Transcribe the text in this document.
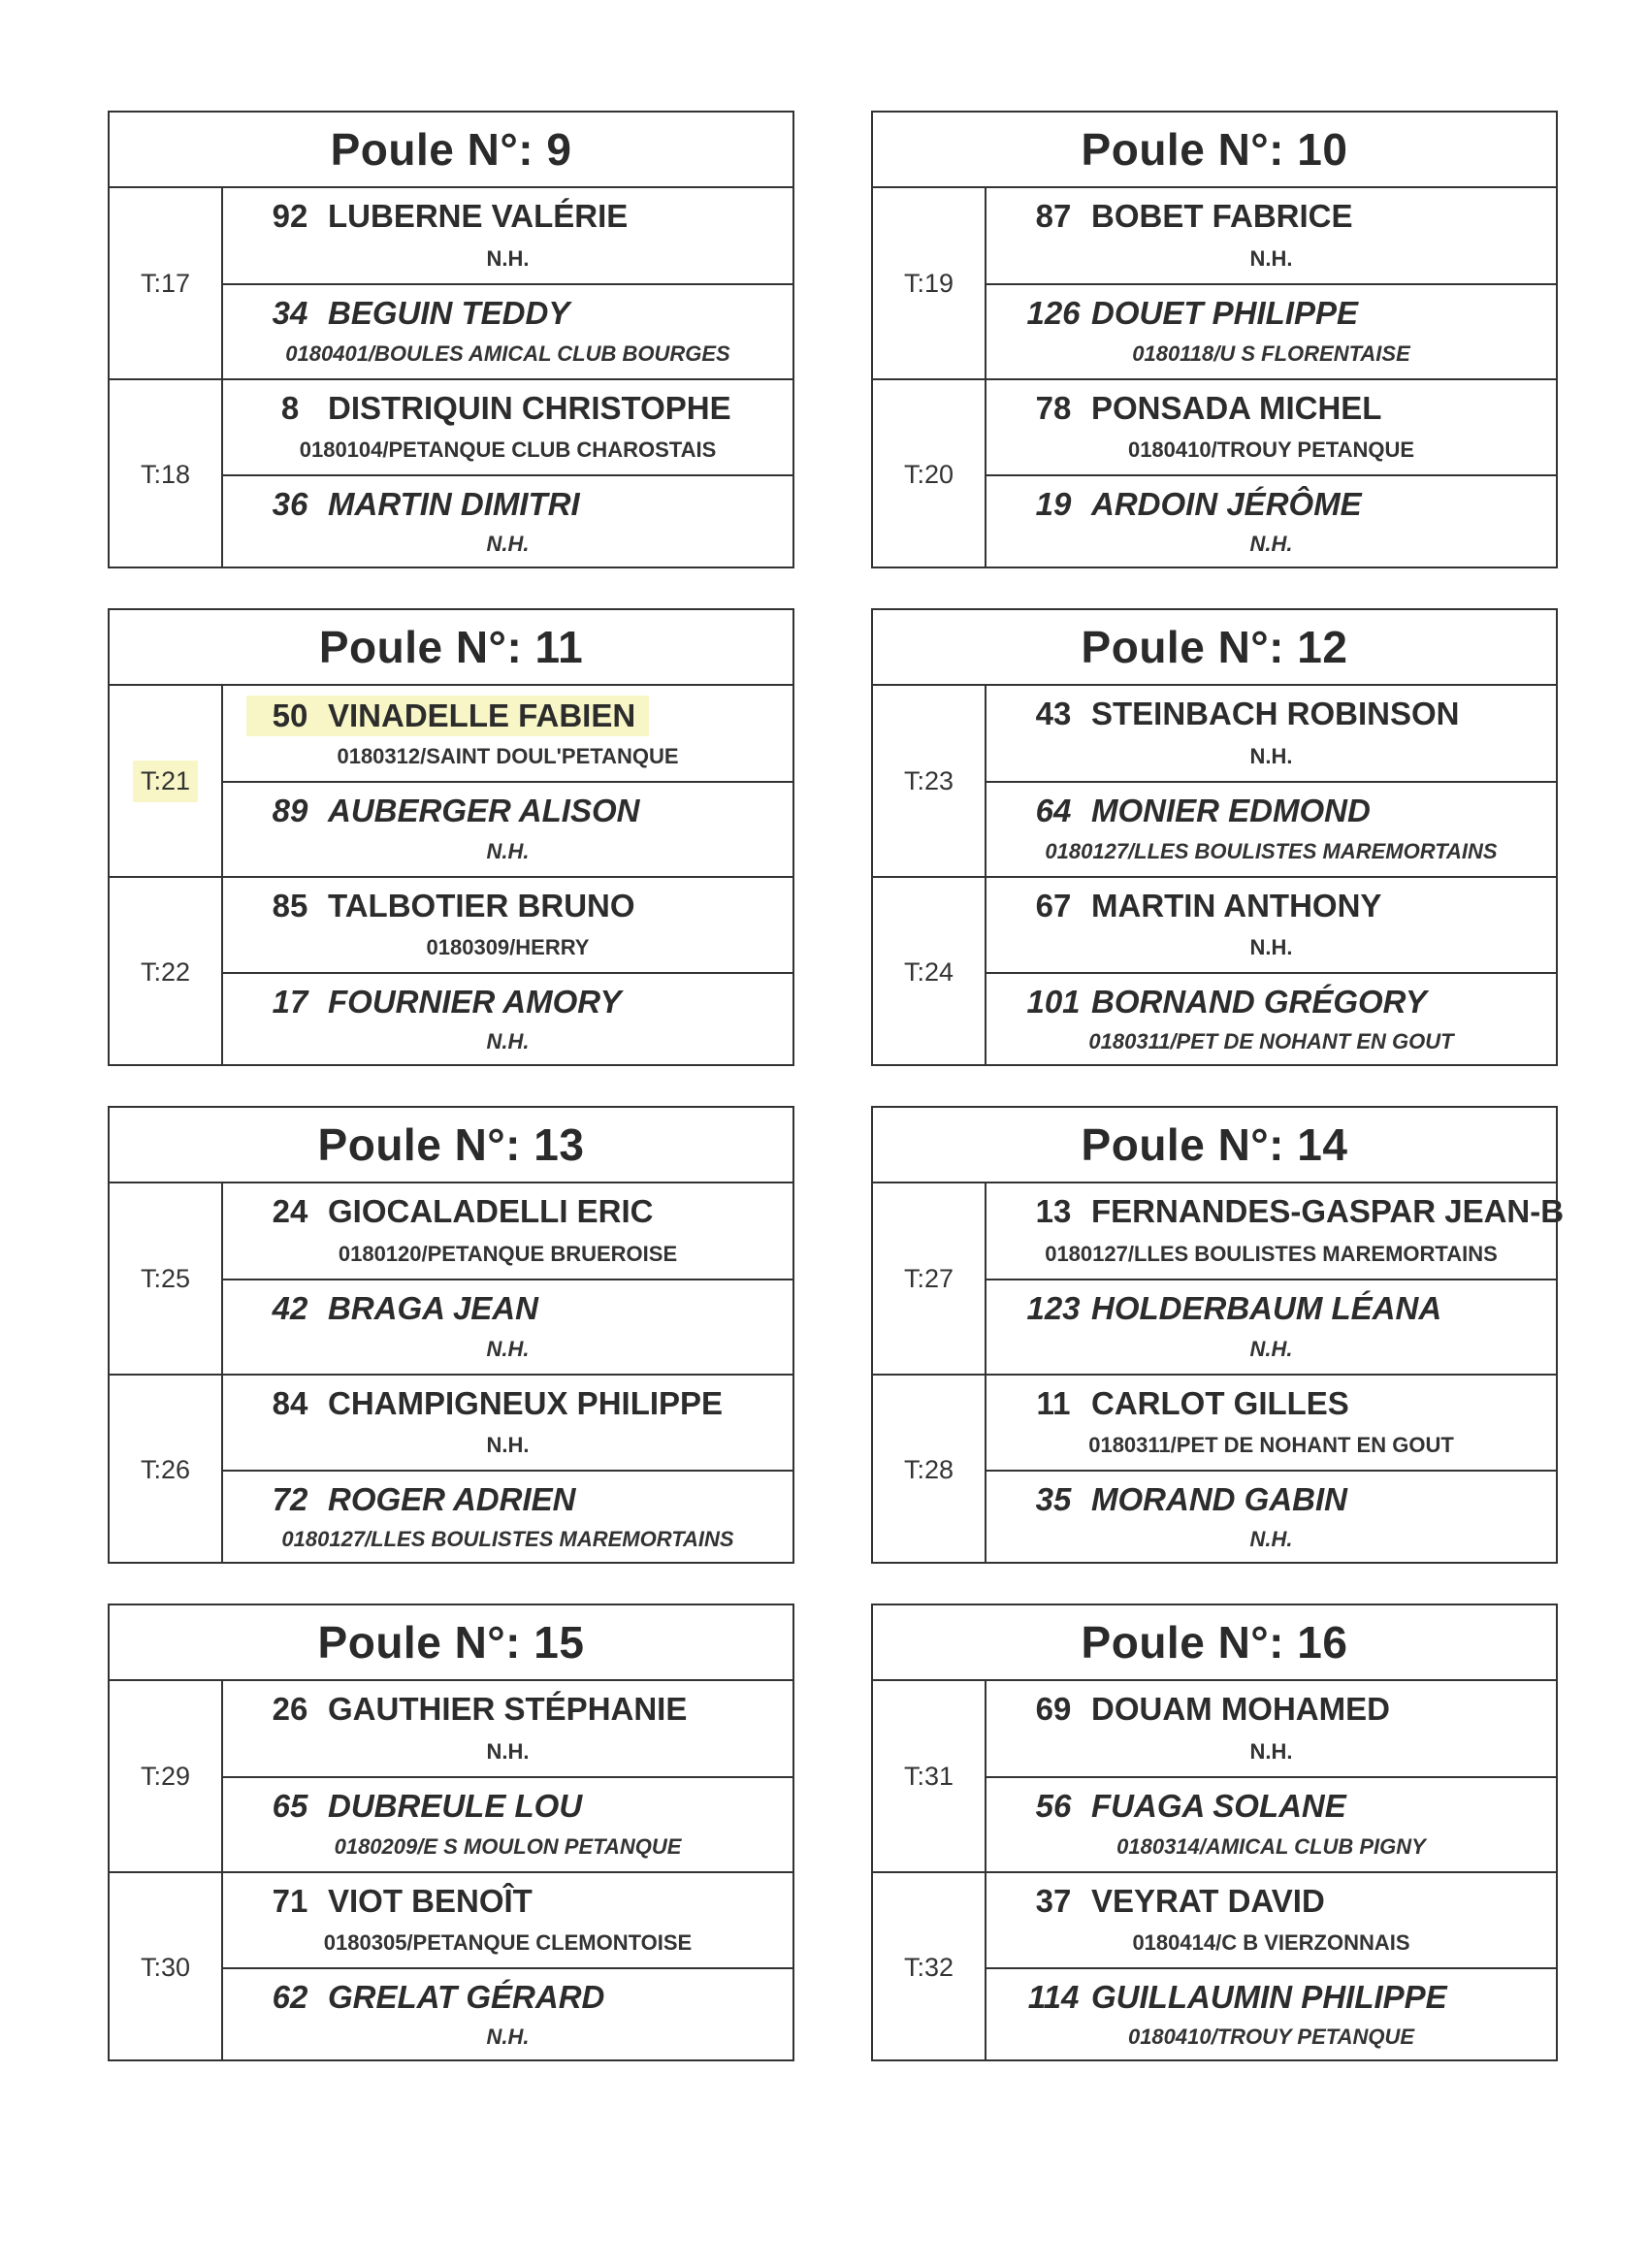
Poule N°: 9
T:17
92 LUBERNE VALÉRIE
N.H.
34 BEGUIN TEDDY
0180401/BOULES AMICAL CLUB BOURGES
T:18
8 DISTRIQUIN CHRISTOPHE
0180104/PETANQUE CLUB CHAROSTAIS
36 MARTIN DIMITRI
N.H.
Poule N°: 10
T:19
87 BOBET FABRICE
N.H.
126 DOUET PHILIPPE
0180118/U S FLORENTAISE
T:20
78 PONSADA MICHEL
0180410/TROUY PETANQUE
19 ARDOIN JÉRÔME
N.H.
Poule N°: 11
T:21
50 VINADELLE FABIEN
0180312/SAINT DOUL'PETANQUE
89 AUBERGER ALISON
N.H.
T:22
85 TALBOTIER BRUNO
0180309/HERRY
17 FOURNIER AMORY
N.H.
Poule N°: 12
T:23
43 STEINBACH ROBINSON
N.H.
64 MONIER EDMOND
0180127/LLES BOULISTES MAREMORTAINS
T:24
67 MARTIN ANTHONY
N.H.
101 BORNAND GRÉGORY
0180311/PET DE NOHANT EN GOUT
Poule N°: 13
T:25
24 GIOCALADELLI ERIC
0180120/PETANQUE BRUEROISE
42 BRAGA JEAN
N.H.
T:26
84 CHAMPIGNEUX PHILIPPE
N.H.
72 ROGER ADRIEN
0180127/LLES BOULISTES MAREMORTAINS
Poule N°: 14
T:27
13 FERNANDES-GASPAR JEAN-B
0180127/LLES BOULISTES MAREMORTAINS
123 HOLDERBAUM LÉANA
N.H.
T:28
11 CARLOT GILLES
0180311/PET DE NOHANT EN GOUT
35 MORAND GABIN
N.H.
Poule N°: 15
T:29
26 GAUTHIER STÉPHANIE
N.H.
65 DUBREULE LOU
0180209/E S MOULON PETANQUE
T:30
71 VIOT BENOÎT
0180305/PETANQUE CLEMONTOISE
62 GRELAT GÉRARD
N.H.
Poule N°: 16
T:31
69 DOUAM MOHAMED
N.H.
56 FUAGA SOLANE
0180314/AMICAL CLUB PIGNY
T:32
37 VEYRAT DAVID
0180414/C B VIERZONNAIS
114 GUILLAUMIN PHILIPPE
0180410/TROUY PETANQUE
